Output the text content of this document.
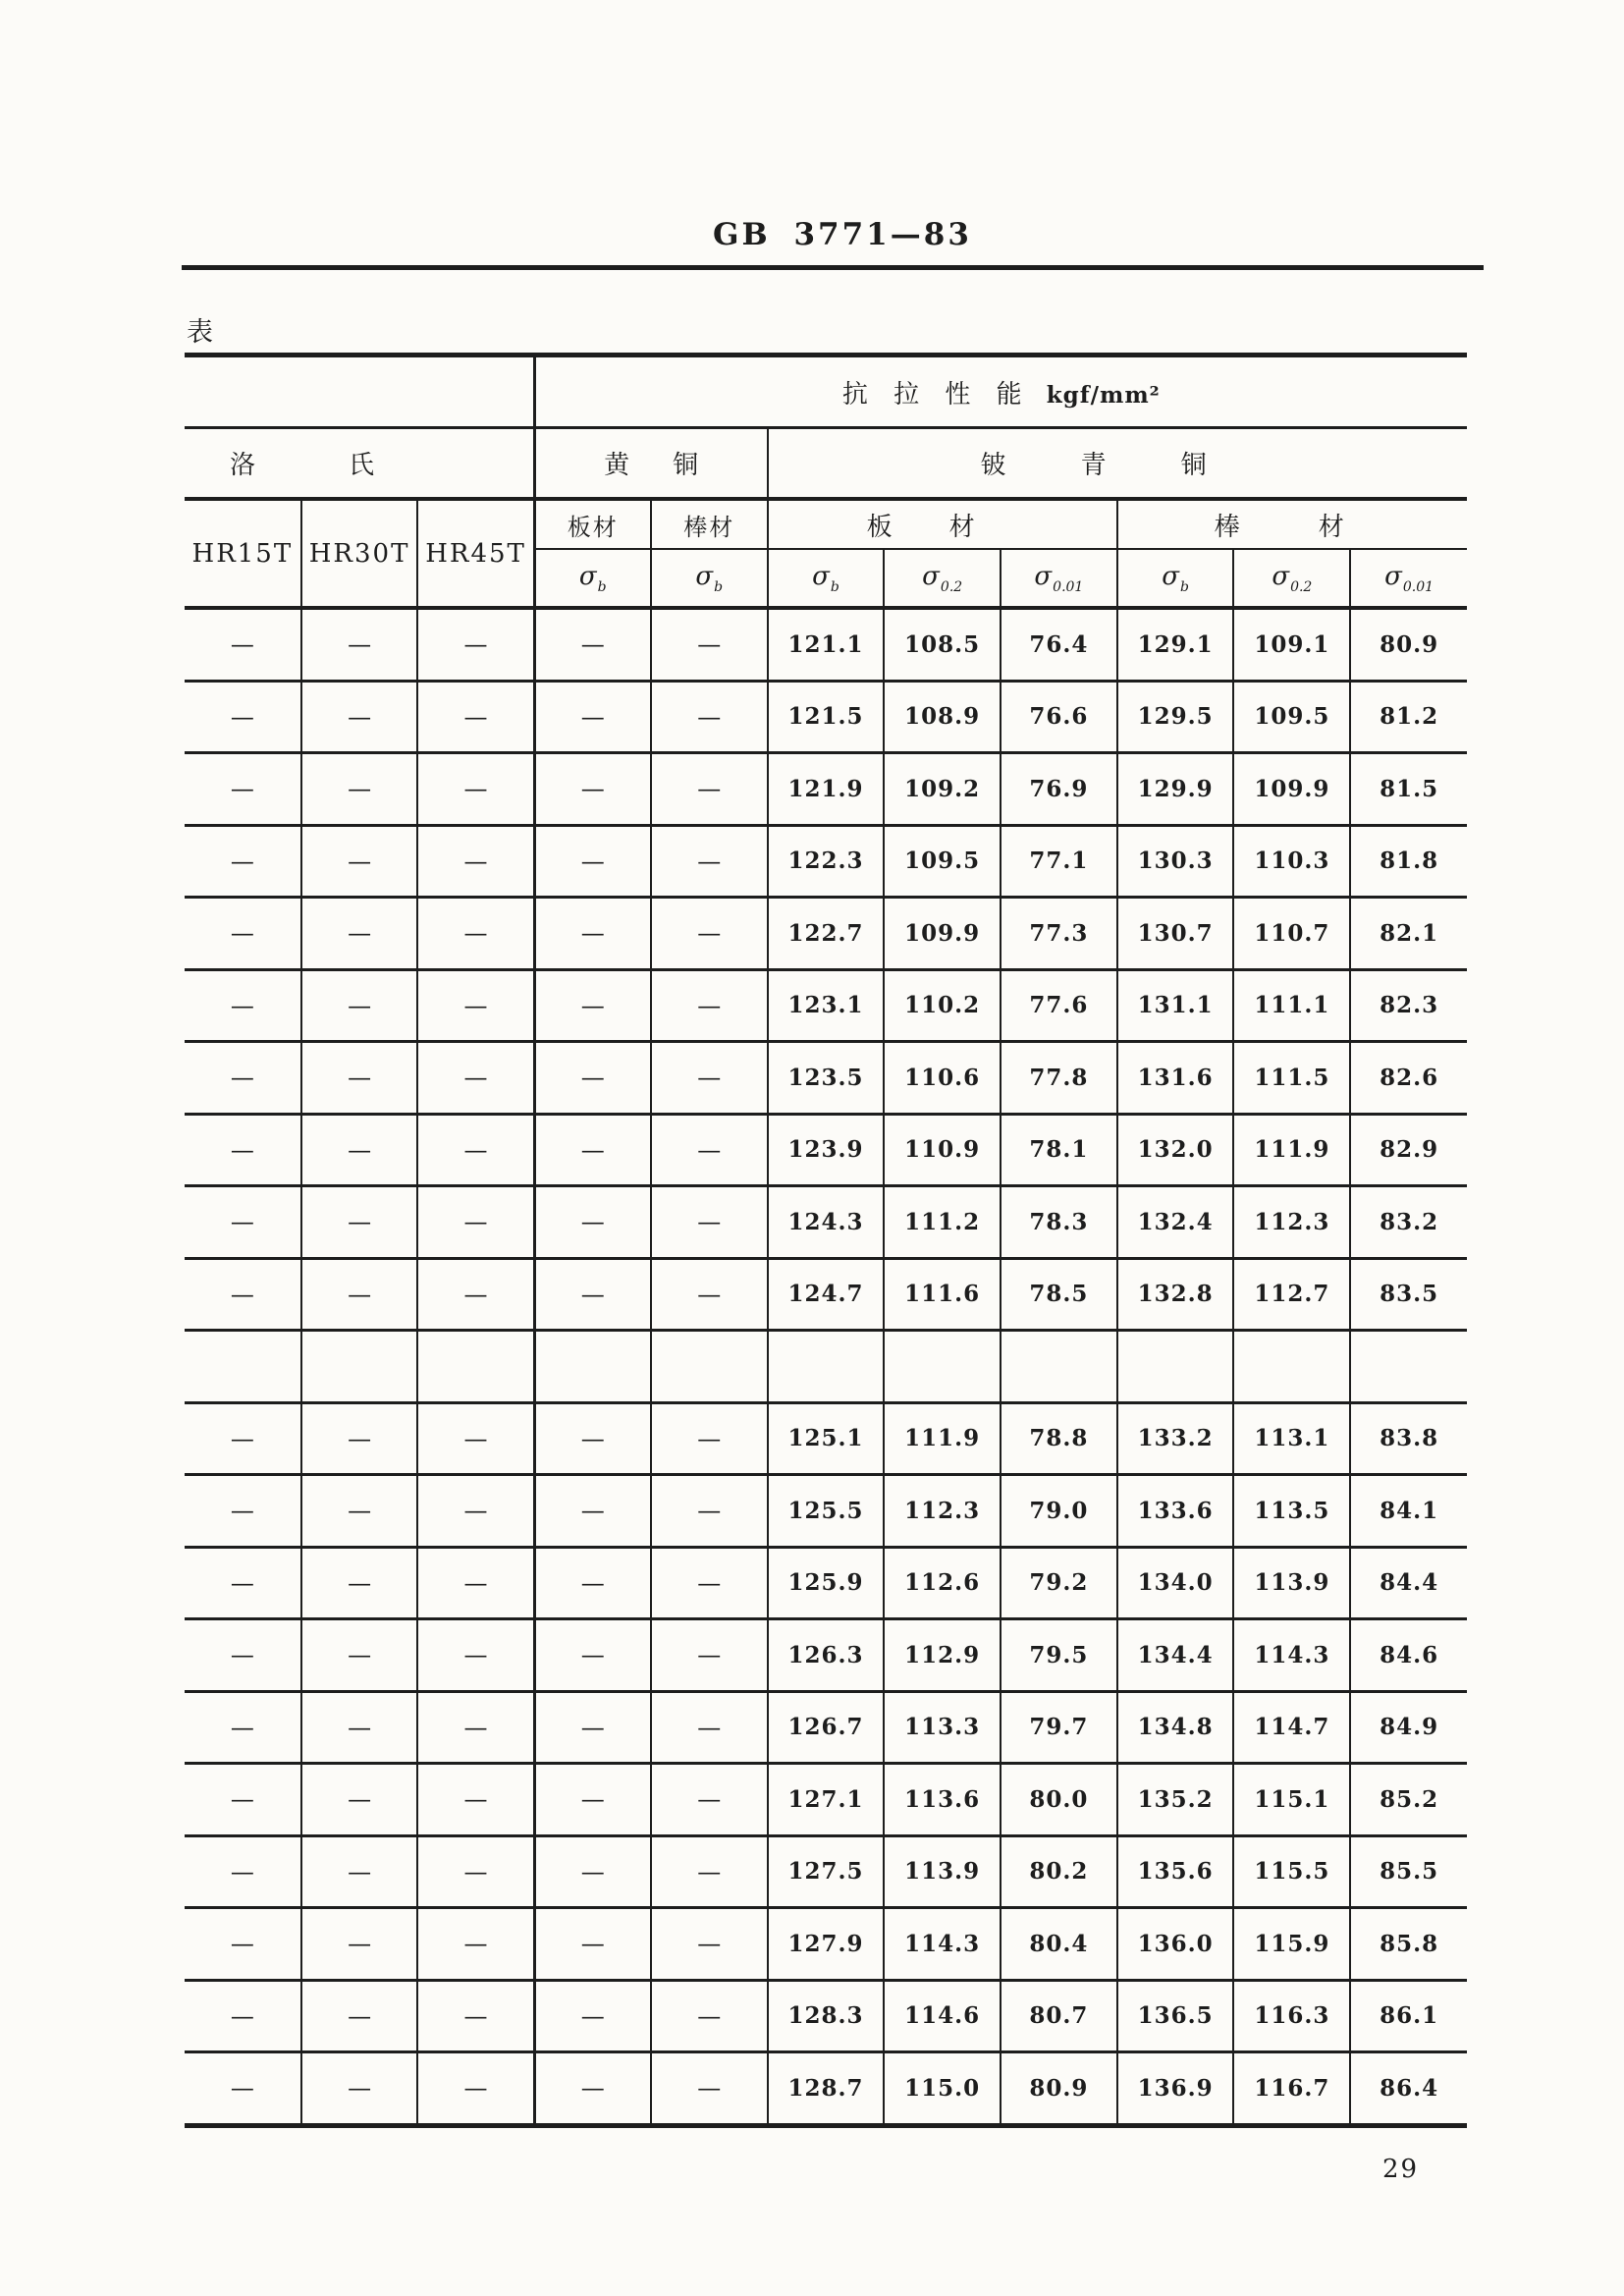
GB 3771—83
表
			抗 拉 性 能 kgf/mm²							
洛氏			黄铜		铍青铜					
HR15T	HR30T	HR45T	板材	棒材	板材			棒材		
			$\sigma_b$	$\sigma_b$	$\sigma_b$	$\sigma_{0.2}$	$\sigma_{0.01}$	$\sigma_b$	$\sigma_{0.2}$	$\sigma_{0.01}$
—	—	—	—	—	121.1	108.5	76.4	129.1	109.1	80.9
—	—	—	—	—	121.5	108.9	76.6	129.5	109.5	81.2
—	—	—	—	—	121.9	109.2	76.9	129.9	109.9	81.5
—	—	—	—	—	122.3	109.5	77.1	130.3	110.3	81.8
—	—	—	—	—	122.7	109.9	77.3	130.7	110.7	82.1
—	—	—	—	—	123.1	110.2	77.6	131.1	111.1	82.3
—	—	—	—	—	123.5	110.6	77.8	131.6	111.5	82.6
—	—	—	—	—	123.9	110.9	78.1	132.0	111.9	82.9
—	—	—	—	—	124.3	111.2	78.3	132.4	112.3	83.2
—	—	—	—	—	124.7	111.6	78.5	132.8	112.7	83.5

—	—	—	—	—	125.1	111.9	78.8	133.2	113.1	83.8
—	—	—	—	—	125.5	112.3	79.0	133.6	113.5	84.1
—	—	—	—	—	125.9	112.6	79.2	134.0	113.9	84.4
—	—	—	—	—	126.3	112.9	79.5	134.4	114.3	84.6
—	—	—	—	—	126.7	113.3	79.7	134.8	114.7	84.9
—	—	—	—	—	127.1	113.6	80.0	135.2	115.1	85.2
—	—	—	—	—	127.5	113.9	80.2	135.6	115.5	85.5
—	—	—	—	—	127.9	114.3	80.4	136.0	115.9	85.8
—	—	—	—	—	128.3	114.6	80.7	136.5	116.3	86.1
—	—	—	—	—	128.7	115.0	80.9	136.9	116.7	86.4
29
